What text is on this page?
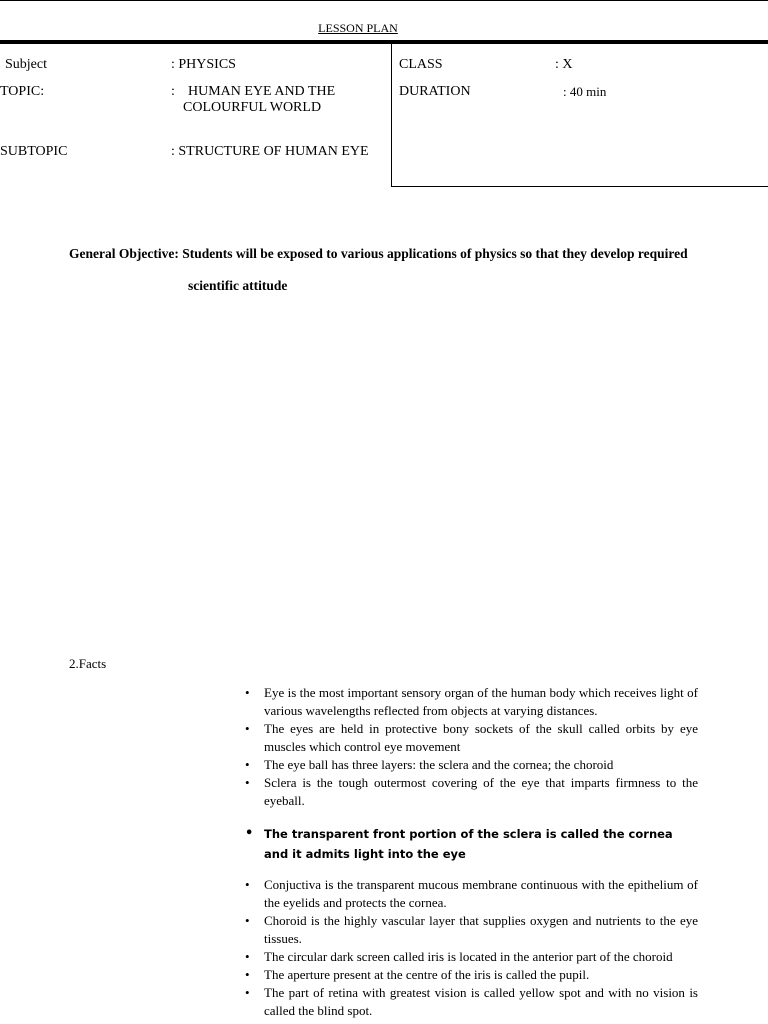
LESSON PLAN
Subject	: PHYSICS
TOPIC:	: HUMAN EYE AND THE
COLOURFUL WORLD
SUBTOPIC	: STRUCTURE OF HUMAN EYE
CLASS	: X
DURATION	: 40 min
General Objective: Students will be exposed to various applications of physics so that they develop required
scientific attitude
2.Facts
• Eye is the most important sensory organ of the human body which receives light of various wavelengths reflected from objects at varying distances.
• The eyes are held in protective bony sockets of the skull called orbits by eye muscles which control eye movement
• The eye ball has three layers: the sclera and the cornea; the choroid
• Sclera is the tough outermost covering of the eye that imparts firmness to the eyeball.
• The transparent front portion of the sclera is called the cornea and it admits light into the eye
• Conjuctiva is the transparent mucous membrane continuous with the epithelium of the eyelids and protects the cornea.
• Choroid is the highly vascular layer that supplies oxygen and nutrients to the eye tissues.
• The circular dark screen called iris is located in the anterior part of the choroid
• The aperture present at the centre of the iris is called the pupil.
• The part of retina with greatest vision is called yellow spot and with no vision is called the blind spot.
